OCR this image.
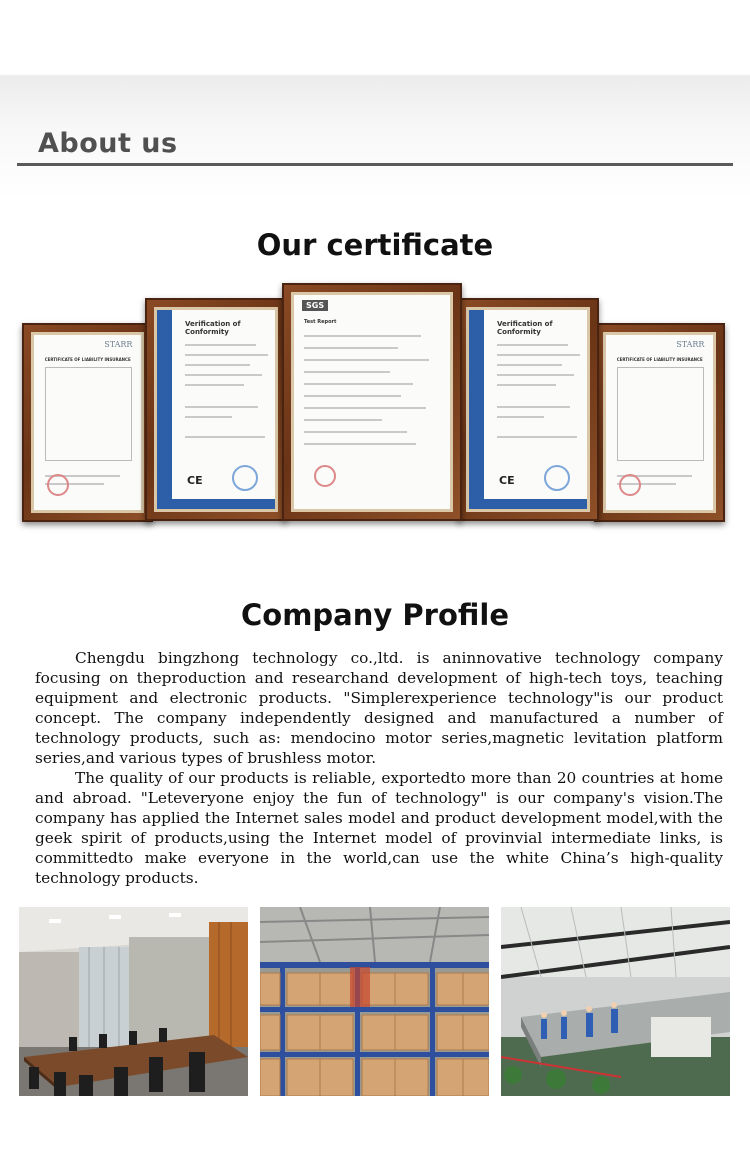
About us
Our certificate
STARR
CERTIFICATE OF LIABILITY INSURANCE
Verification of Conformity
CE
SGS
Test Report	Verification of Conformity
CE
STARR
CERTIFICATE OF LIABILITY INSURANCE
Company Profile

Chengdu bingzhong technology co.,ltd. is aninnovative technology company focusing on theproduction and researchand development of high-tech toys, teaching equipment and electronic products. "Simplerexperience technology"is our product concept. The company independently designed and manufactured a number of technology products, such as: mendocino motor series,magnetic levitation platform series,and various types of brushless motor.

The quality of our products is reliable, exportedto more than 20 countries at home and abroad. "Leteveryone enjoy the fun of technology" is our company's vision.The company has applied the Internet sales model and product development model,with the geek spirit of products,using the Internet model of provinvial intermediate links, is committedto make everyone in the world,can use the white China’s high-quality technology products.
